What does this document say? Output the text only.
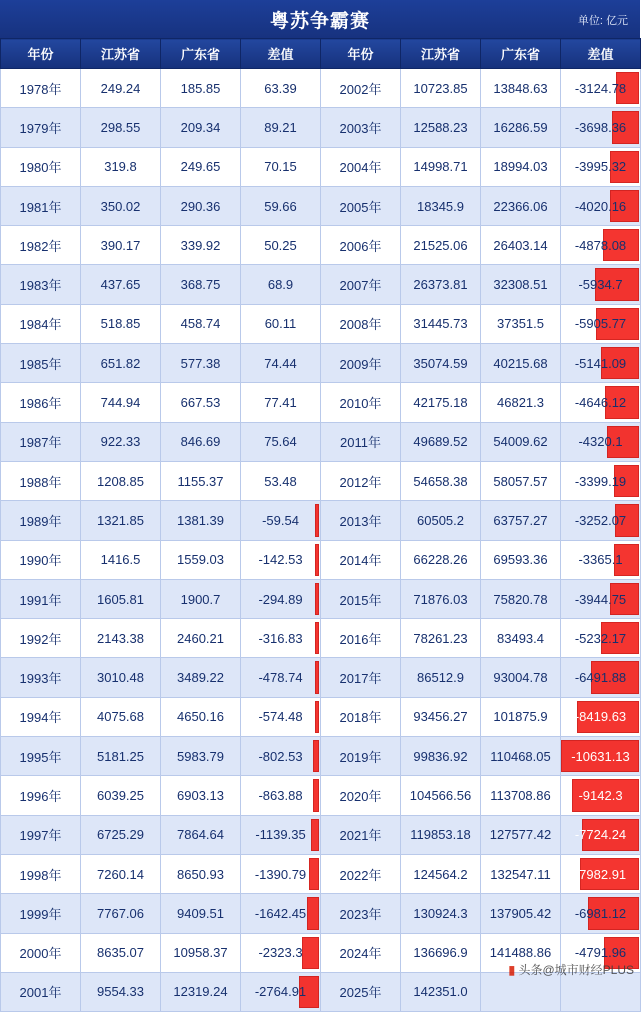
粤苏争霸赛	单位: 亿元
年份	江苏省	广东省	差值	年份	江苏省	广东省	差值
1978年	249.24	185.85	63.39	2002年	10723.85	13848.63	-3124.78
1979年	298.55	209.34	89.21	2003年	12588.23	16286.59	-3698.36
1980年	319.8	249.65	70.15	2004年	14998.71	18994.03	-3995.32
1981年	350.02	290.36	59.66	2005年	18345.9	22366.06	-4020.16
1982年	390.17	339.92	50.25	2006年	21525.06	26403.14	-4878.08
1983年	437.65	368.75	68.9	2007年	26373.81	32308.51	-5934.7
1984年	518.85	458.74	60.11	2008年	31445.73	37351.5	-5905.77
1985年	651.82	577.38	74.44	2009年	35074.59	40215.68	-5141.09
1986年	744.94	667.53	77.41	2010年	42175.18	46821.3	-4646.12
1987年	922.33	846.69	75.64	2011年	49689.52	54009.62	-4320.1
1988年	1208.85	1155.37	53.48	2012年	54658.38	58057.57	-3399.19
1989年	1321.85	1381.39	-59.54	2013年	60505.2	63757.27	-3252.07
1990年	1416.5	1559.03	-142.53	2014年	66228.26	69593.36	-3365.1
1991年	1605.81	1900.7	-294.89	2015年	71876.03	75820.78	-3944.75
1992年	2143.38	2460.21	-316.83	2016年	78261.23	83493.4	-5232.17
1993年	3010.48	3489.22	-478.74	2017年	86512.9	93004.78	-6491.88
1994年	4075.68	4650.16	-574.48	2018年	93456.27	101875.9	-8419.63
1995年	5181.25	5983.79	-802.53	2019年	99836.92	110468.05	-10631.13
1996年	6039.25	6903.13	-863.88	2020年	104566.56	113708.86	-9142.3
1997年	6725.29	7864.64	-1139.35	2021年	119853.18	127577.42	-7724.24
1998年	7260.14	8650.93	-1390.79	2022年	124564.2	132547.11	-7982.91
1999年	7767.06	9409.51	-1642.45	2023年	130924.3	137905.42	-6981.12
2000年	8635.07	10958.37	-2323.3	2024年	136696.9	141488.86	-4791.96
2001年	9554.33	12319.24	-2764.91	2025年	142351.0		
▮ 头条@城市财经PLUS
